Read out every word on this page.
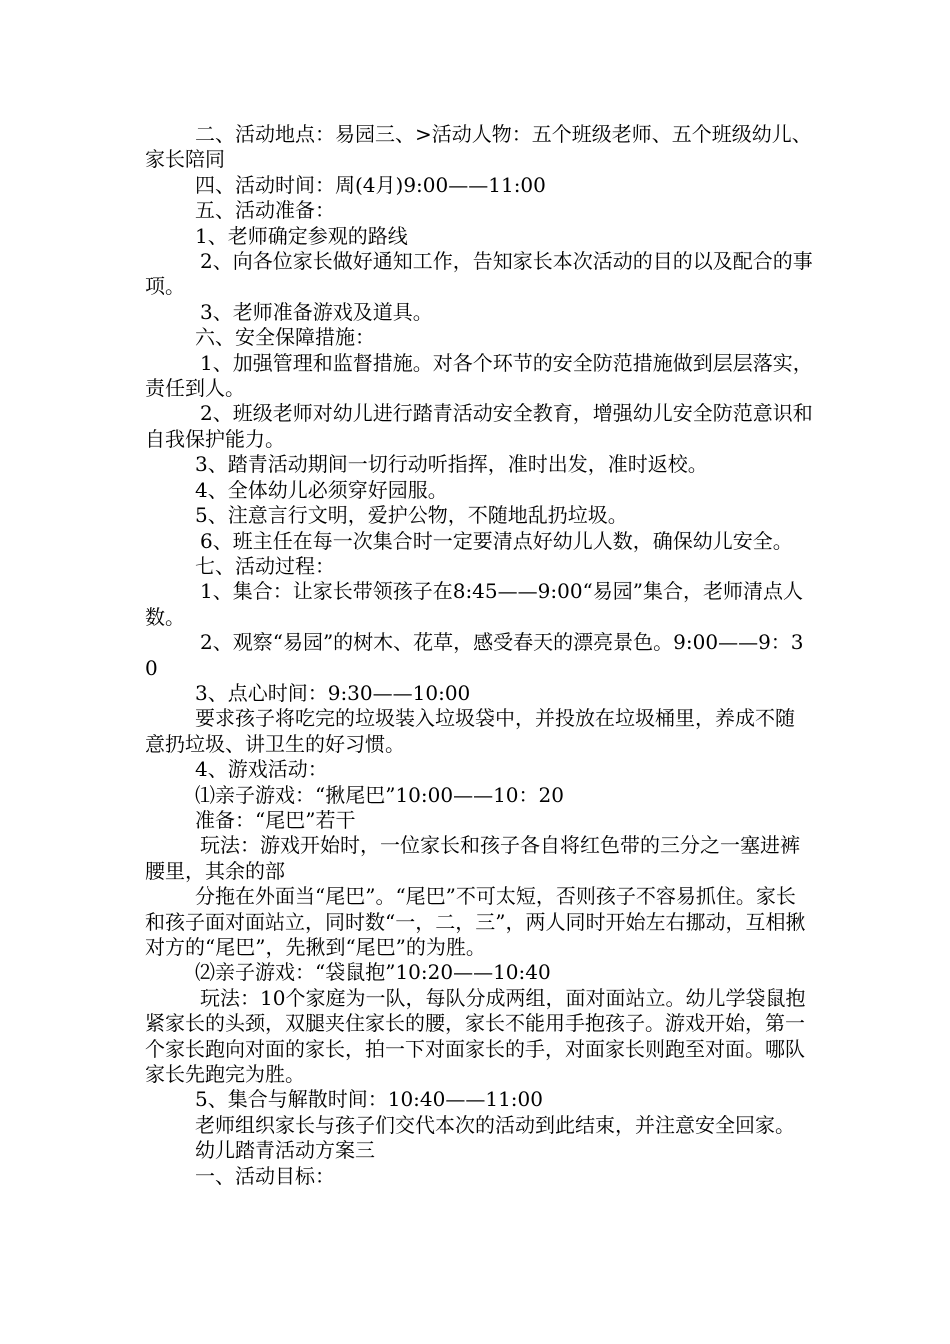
二、活动地点：易园三、>活动人物：五个班级老师、五个班级幼儿、家长陪同

四、活动时间：周(4月)9:00——11:00

五、活动准备：

1、老师确定参观的路线

2、向各位家长做好通知工作，告知家长本次活动的目的以及配合的事项。

3、老师准备游戏及道具。

六、安全保障措施：

1、加强管理和监督措施。对各个环节的安全防范措施做到层层落实，责任到人。

2、班级老师对幼儿进行踏青活动安全教育，增强幼儿安全防范意识和自我保护能力。

3、踏青活动期间一切行动听指挥，准时出发，准时返校。

4、全体幼儿必须穿好园服。

5、注意言行文明，爱护公物，不随地乱扔垃圾。

6、班主任在每一次集合时一定要清点好幼儿人数，确保幼儿安全。

七、活动过程：

1、集合：让家长带领孩子在8:45——9:00“易园”集合，老师清点人数。

2、观察“易园”的树木、花草，感受春天的漂亮景色。9:00——9：30

3、点心时间：9:30——10:00

要求孩子将吃完的垃圾装入垃圾袋中，并投放在垃圾桶里，养成不随意扔垃圾、讲卫生的好习惯。

4、游戏活动：

⑴亲子游戏：“揪尾巴”10:00——10：20

准备：“尾巴”若干

玩法：游戏开始时，一位家长和孩子各自将红色带的三分之一塞进裤腰里，其余的部

分拖在外面当“尾巴”。“尾巴”不可太短，否则孩子不容易抓住。家长和孩子面对面站立，同时数“一，二，三”，两人同时开始左右挪动，互相揪对方的“尾巴”，先揪到“尾巴”的为胜。

⑵亲子游戏：“袋鼠抱”10:20——10:40

玩法：10个家庭为一队，每队分成两组，面对面站立。幼儿学袋鼠抱紧家长的头颈，双腿夹住家长的腰，家长不能用手抱孩子。游戏开始，第一个家长跑向对面的家长，拍一下对面家长的手，对面家长则跑至对面。哪队家长先跑完为胜。

5、集合与解散时间：10:40——11:00

老师组织家长与孩子们交代本次的活动到此结束，并注意安全回家。

幼儿踏青活动方案三

一、活动目标：
